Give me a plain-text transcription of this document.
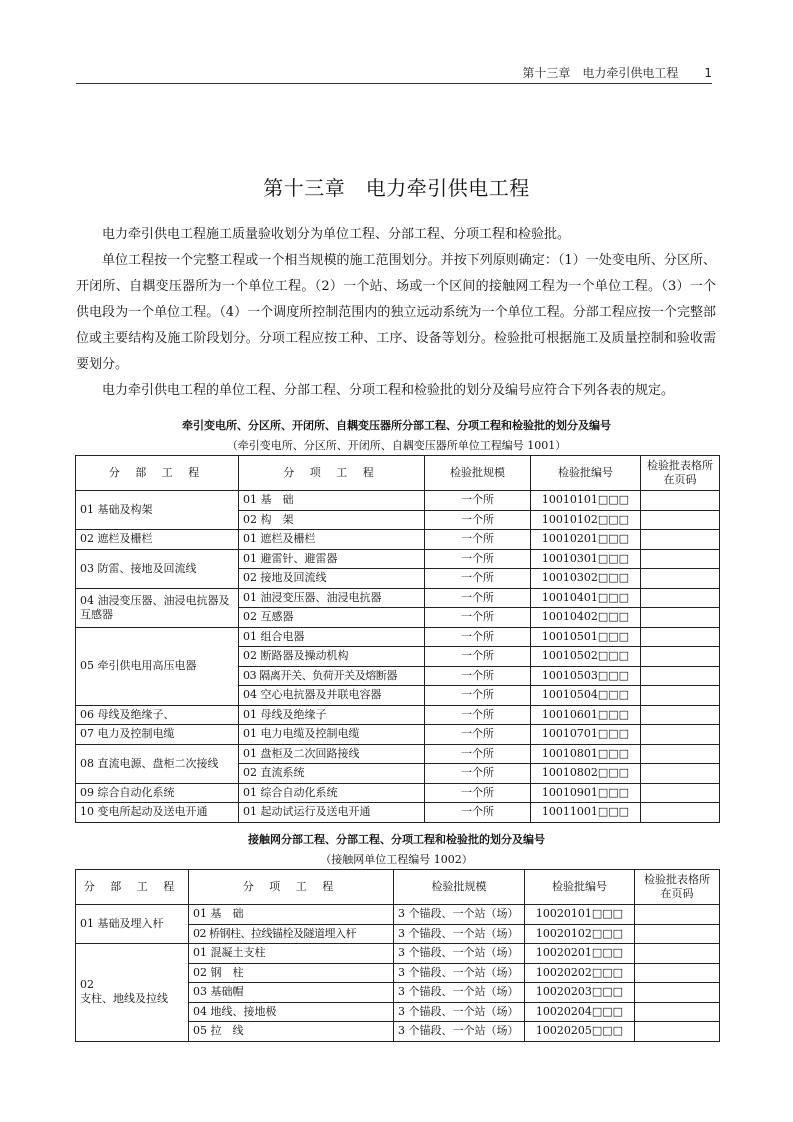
第十三章　电力牵引供电工程 1
第十三章　电力牵引供电工程

电力牵引供电工程施工质量验收划分为单位工程、分部工程、分项工程和检验批。

单位工程按一个完整工程或一个相当规模的施工范围划分。并按下列原则确定：（1）一处变电所、分区所、开闭所、自耦变压器所为一个单位工程。（2）一个站、场或一个区间的接触网工程为一个单位工程。（3）一个供电段为一个单位工程。（4）一个调度所控制范围内的独立远动系统为一个单位工程。分部工程应按一个完整部位或主要结构及施工阶段划分。分项工程应按工种、工序、设备等划分。检验批可根据施工及质量控制和验收需要划分。

电力牵引供电工程的单位工程、分部工程、分项工程和检验批的划分及编号应符合下列各表的规定。

牵引变电所、分区所、开闭所、自耦变压器所分部工程、分项工程和检验批的划分及编号
（牵引变电所、分区所、开闭所、自耦变压器所单位工程编号 1001）
分 部 工 程	分 项 工 程	检验批规模	检验批编号	检验批表格所在页码
01 基础及构架	01 基　础	一个所	10010101□□□	
	02 构　架	一个所	10010102□□□	
02 遮栏及栅栏	01 遮栏及栅栏	一个所	10010201□□□	
03 防雷、接地及回流线	01 避雷针、避雷器	一个所	10010301□□□	
	02 接地及回流线	一个所	10010302□□□	
04 油浸变压器、油浸电抗器及互感器	01 油浸变压器、油浸电抗器	一个所	10010401□□□	
	02 互感器	一个所	10010402□□□	
05 牵引供电用高压电器	01 组合电器	一个所	10010501□□□	
	02 断路器及操动机构	一个所	10010502□□□	
	03 隔离开关、负荷开关及熔断器	一个所	10010503□□□	
	04 空心电抗器及并联电容器	一个所	10010504□□□	
06 母线及绝缘子、	01 母线及绝缘子	一个所	10010601□□□	
07 电力及控制电缆	01 电力电缆及控制电缆	一个所	10010701□□□	
08 直流电源、盘柜二次接线	01 盘柜及二次回路接线	一个所	10010801□□□	
	02 直流系统	一个所	10010802□□□	
09 综合自动化系统	01 综合自动化系统	一个所	10010901□□□	
10 变电所起动及送电开通	01 起动试运行及送电开通	一个所	10011001□□□	
接触网分部工程、分部工程、分项工程和检验批的划分及编号
（接触网单位工程编号 1002）
分 部 工 程	分 项 工 程	检验批规模	检验批编号	检验批表格所在页码
01 基础及埋入杆	01 基　础	3 个锚段、一个站（场）	10020101□□□	
	02 桥钢柱、拉线锚栓及隧道埋入杆	3 个锚段、一个站（场）	10020102□□□	

02
支柱、地线及拉线	01 混凝土支柱	3 个锚段、一个站（场）	10020201□□□	
	02 钢　柱	3 个锚段、一个站（场）	10020202□□□	
	03 基础帽	3 个锚段、一个站（场）	10020203□□□	
	04 地线、接地极	3 个锚段、一个站（场）	10020204□□□	
	05 拉　线	3 个锚段、一个站（场）	10020205□□□	
